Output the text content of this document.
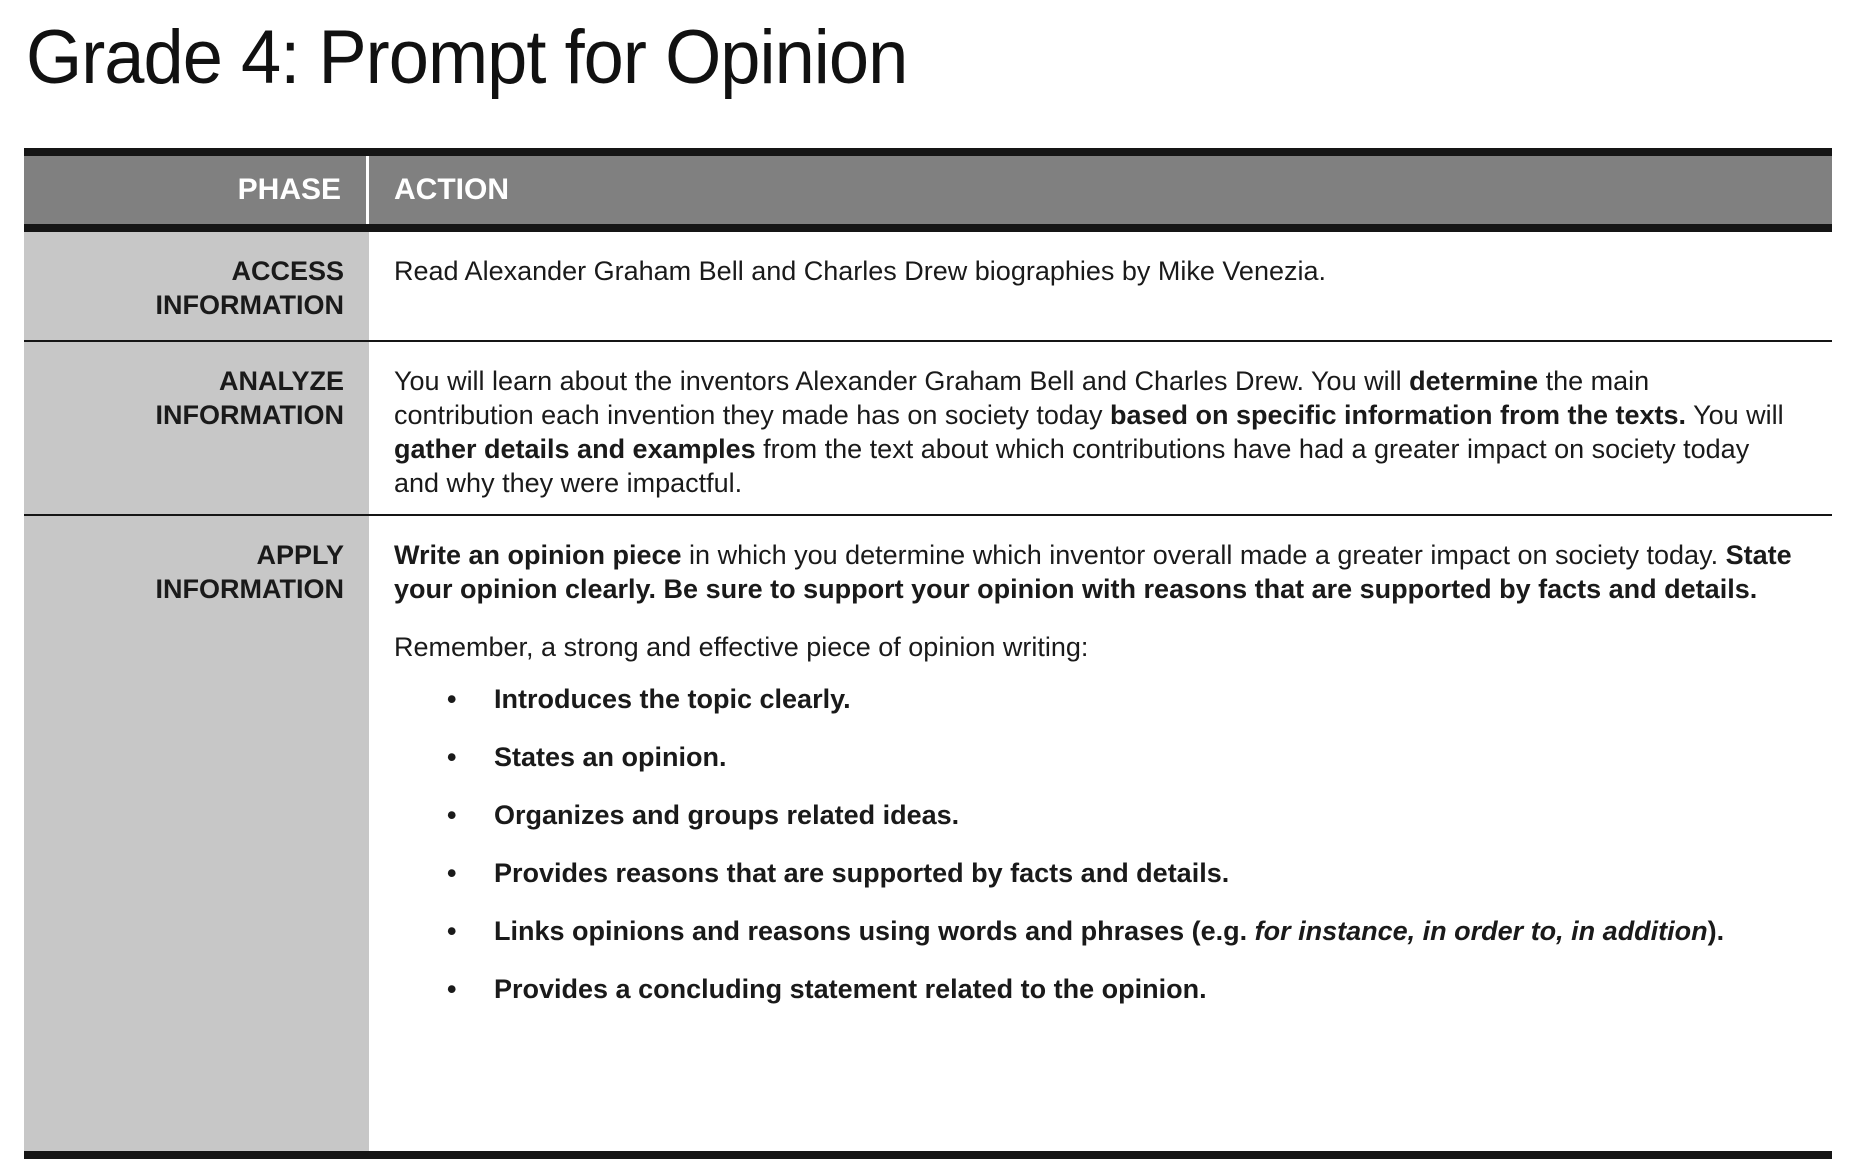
Grade 4: Prompt for Opinion
PHASE	ACTION
ACCESS
INFORMATION

Read Alexander Graham Bell and Charles Drew biographies by Mike Venezia.

ANALYZE
INFORMATION

You will learn about the inventors Alexander Graham Bell and Charles Drew. You will determine the main contribution each invention they made has on society today based on specific information from the texts. You will gather details and examples from the text about which contributions have had a greater impact on society today and why they were impactful.

APPLY
INFORMATION

Write an opinion piece in which you determine which inventor overall made a greater impact on society today. State your opinion clearly. Be sure to support your opinion with reasons that are supported by facts and details.

Remember, a strong and effective piece of opinion writing:

• Introduces the topic clearly.
• States an opinion.
• Organizes and groups related ideas.
• Provides reasons that are supported by facts and details.
• Links opinions and reasons using words and phrases (e.g. for instance, in order to, in addition).
• Provides a concluding statement related to the opinion.
